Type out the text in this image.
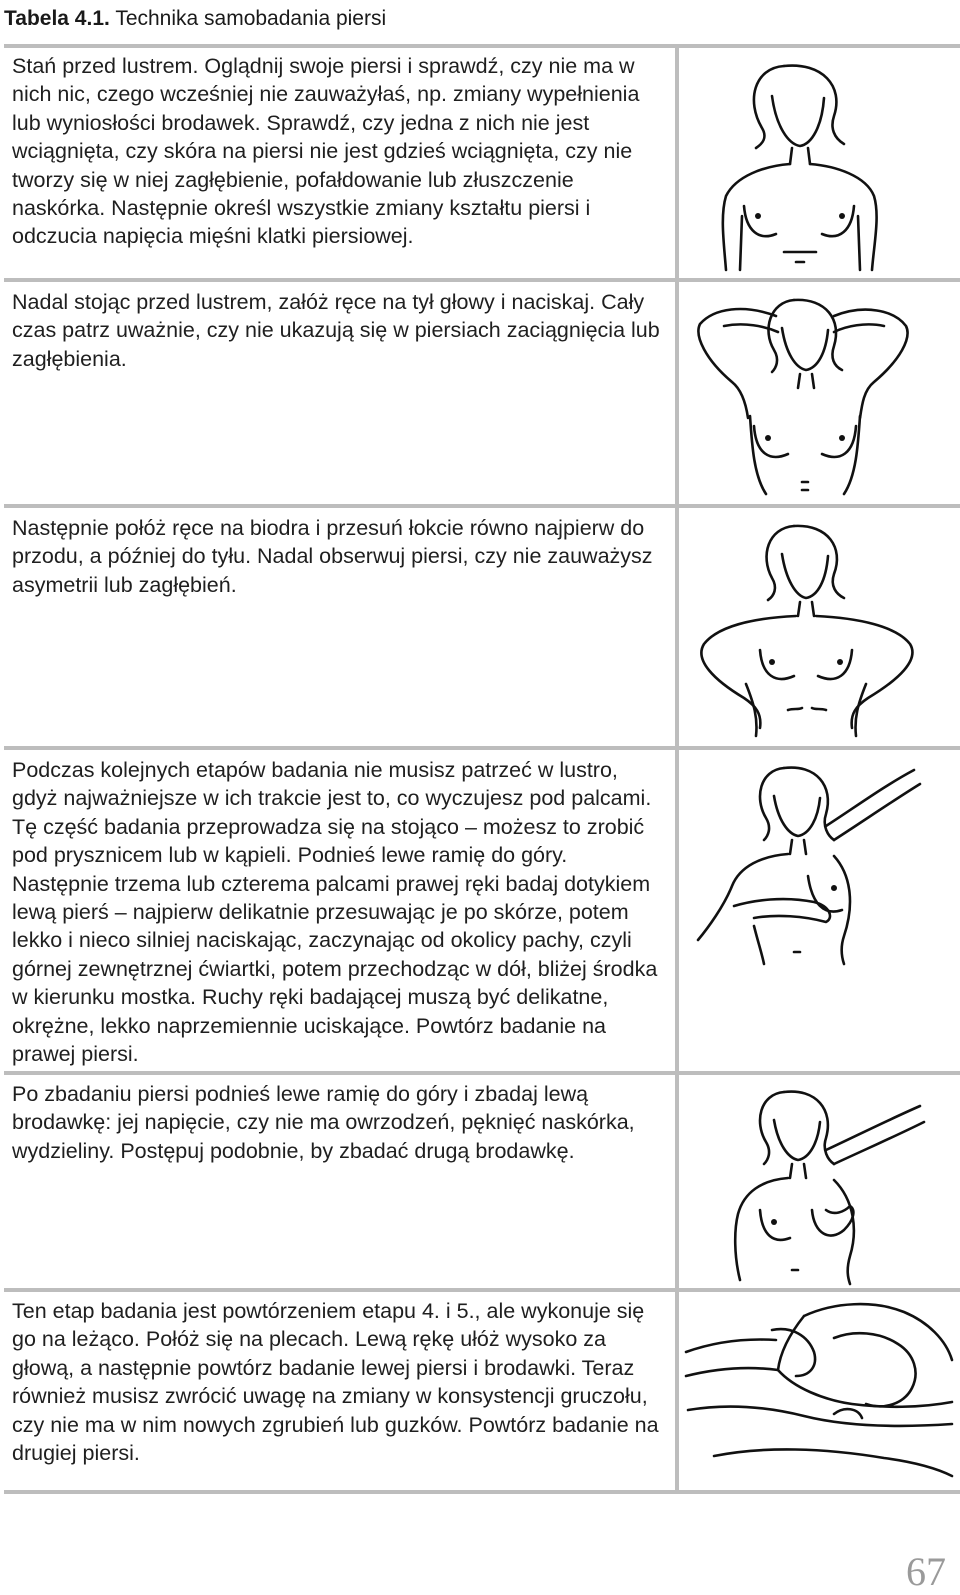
Tabela 4.1. Technika samobadania piersi
Stań przed lustrem. Oglądnij swoje piersi i sprawdź, czy nie ma w nich nic, czego wcześniej nie zauważyłaś, np. zmiany wypełnienia lub wyniosłości brodawek. Sprawdź, czy jedna z nich nie jest wciągnięta, czy skóra na piersi nie jest gdzieś wciągnięta, czy nie tworzy się w niej zagłębienie, pofałdowanie lub złuszczenie naskórka. Następnie określ wszystkie zmiany kształtu piersi i odczucia napięcia mięśni klatki piersiowej.
Nadal stojąc przed lustrem, załóż ręce na tył głowy i naciskaj. Cały czas patrz uważnie, czy nie ukazują się w piersiach zaciągnięcia lub zagłębienia.
Następnie połóż ręce na biodra i przesuń łokcie równo najpierw do przodu, a później do tyłu. Nadal obserwuj piersi, czy nie zauważysz asymetrii lub zagłębień.
Podczas kolejnych etapów badania nie musisz patrzeć w lustro, gdyż najważniejsze w ich trakcie jest to, co wyczujesz pod palcami. Tę część badania przeprowadza się na stojąco – możesz to zrobić pod prysznicem lub w kąpieli. Podnieś lewe ramię do góry. Następnie trzema lub czterema palcami prawej ręki badaj dotykiem lewą pierś – najpierw delikatnie przesuwając je po skórze, potem lekko i nieco silniej naciskając, zaczynając od okolicy pachy, czyli górnej zewnętrznej ćwiartki, potem przechodząc w dół, bliżej środka w kierunku mostka. Ruchy ręki badającej muszą być delikatne, okrężne, lekko naprzemiennie uciskające. Powtórz badanie na prawej piersi.
Po zbadaniu piersi podnieś lewe ramię do góry i zbadaj lewą brodawkę: jej napięcie, czy nie ma owrzodzeń, pęknięć naskórka, wydzieliny. Postępuj podobnie, by zbadać drugą brodawkę.
Ten etap badania jest powtórzeniem etapu 4. i 5., ale wykonuje się go na leżąco. Połóż się na plecach. Lewą rękę ułóż wysoko za głową, a następnie powtórz badanie lewej piersi i brodawki. Teraz również musisz zwrócić uwagę na zmiany w konsystencji gruczołu, czy nie ma w nim nowych zgrubień lub guzków. Powtórz badanie na drugiej piersi.
67
